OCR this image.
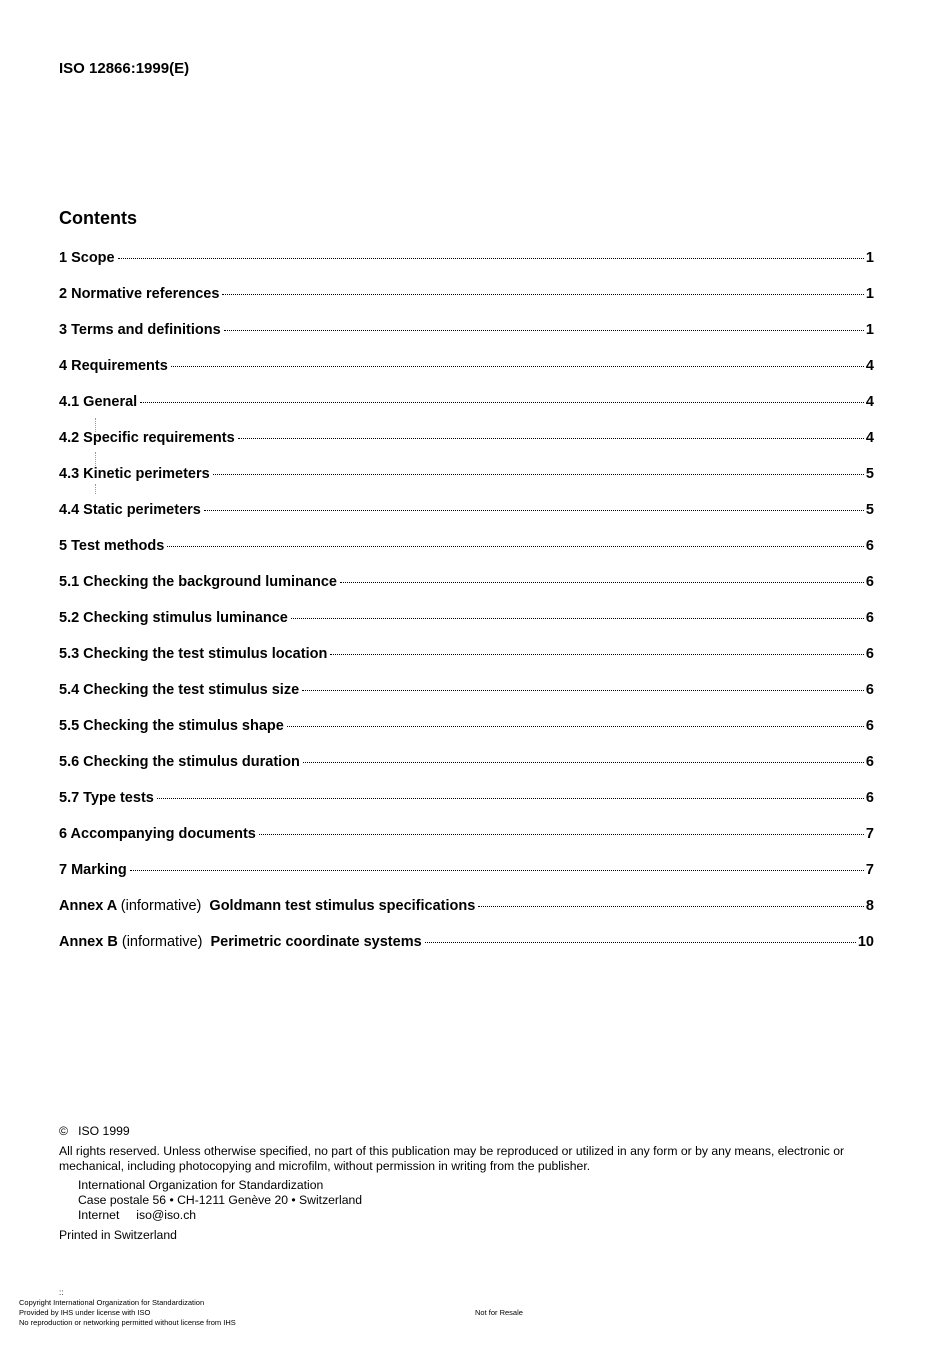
ISO 12866:1999(E)
Contents
1 Scope	1
2 Normative references	1
3 Terms and definitions	1
4 Requirements	4
4.1 General	4
4.2 Specific requirements	4
4.3 Kinetic perimeters	5
4.4 Static perimeters	5
5 Test methods	6
5.1 Checking the background luminance	6
5.2 Checking stimulus luminance	6
5.3 Checking the test stimulus location	6
5.4 Checking the test stimulus size	6
5.5 Checking the stimulus shape	6
5.6 Checking the stimulus duration	6
5.7 Type tests	6
6 Accompanying documents	7
7 Marking	7
Annex A (informative) Goldmann test stimulus specifications	8
Annex B (informative) Perimetric coordinate systems	10
© ISO 1999
All rights reserved. Unless otherwise specified, no part of this publication may be reproduced or utilized in any form or by any means, electronic or mechanical, including photocopying and microfilm, without permission in writing from the publisher.
International Organization for Standardization
Case postale 56 • CH-1211 Genève 20 • Switzerland
Internet iso@iso.ch
Printed in Switzerland
::
Copyright International Organization for Standardization
Provided by IHS under license with ISO
No reproduction or networking permitted without license from IHS
Not for Resale
